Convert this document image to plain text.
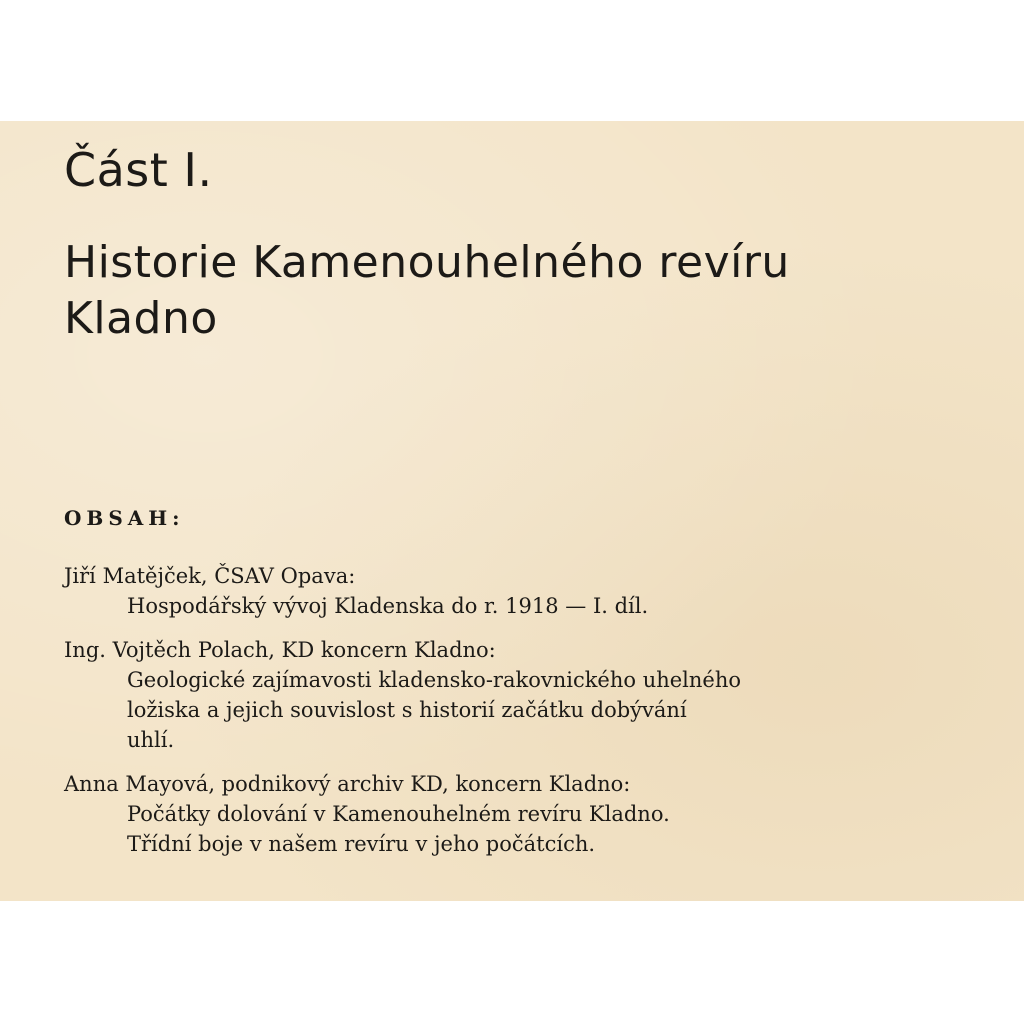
Část I.
Historie Kamenouhelného revíru
Kladno
OBSAH:
Jiří Matějček, ČSAV Opava:
Hospodářský vývoj Kladenska do r. 1918 — I. díl.
Ing. Vojtěch Polach, KD koncern Kladno:
Geologické zajímavosti kladensko-rakovnického uhelného
ložiska a jejich souvislost s historií začátku dobývání
uhlí.
Anna Mayová, podnikový archiv KD, koncern Kladno:
Počátky dolování v Kamenouhelném revíru Kladno.
Třídní boje v našem revíru v jeho počátcích.
